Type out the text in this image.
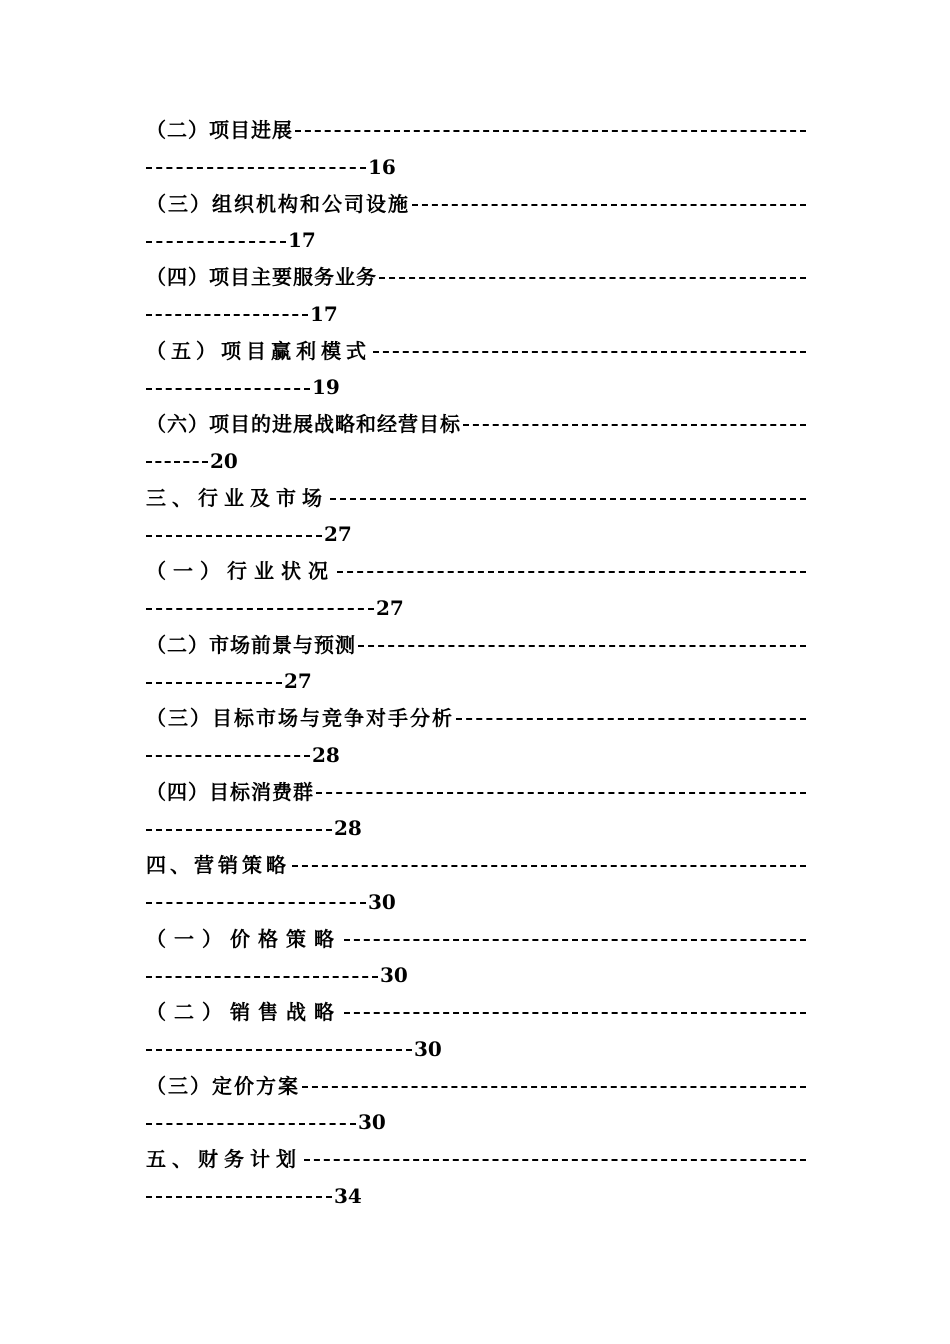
（二）项目进展
16
（三）组织机构和公司设施
17
（四）项目主要服务业务
17
（五）项目赢利模式
19
（六）项目的进展战略和经营目标
20
三、行业及市场
27
（一）行业状况
27
（二）市场前景与预测
27
（三）目标市场与竞争对手分析
28
（四）目标消费群
28
四、营销策略
30
（一）价格策略
30
（二）销售战略
30
（三）定价方案
30
五、财务计划
34
